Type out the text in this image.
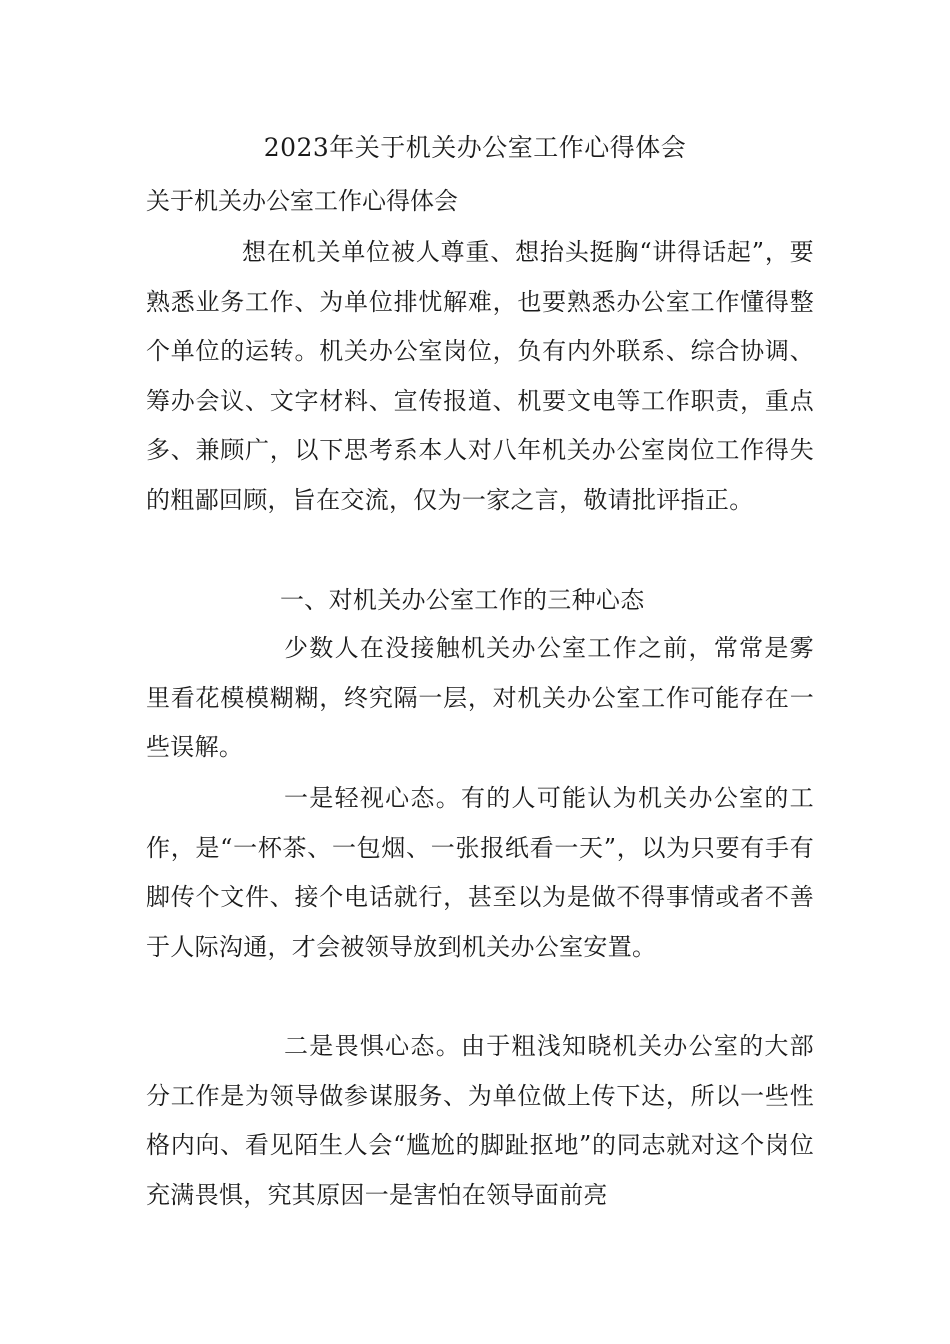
2023年关于机关办公室工作心得体会
关于机关办公室工作心得体会

想在机关单位被人尊重、想抬头挺胸“讲得话起”，要熟悉业务工作、为单位排忧解难，也要熟悉办公室工作懂得整个单位的运转。机关办公室岗位，负有内外联系、综合协调、筹办会议、文字材料、宣传报道、机要文电等工作职责，重点多、兼顾广，以下思考系本人对八年机关办公室岗位工作得失的粗鄙回顾，旨在交流，仅为一家之言，敬请批评指正。

一、对机关办公室工作的三种心态

少数人在没接触机关办公室工作之前，常常是雾里看花模模糊糊，终究隔一层，对机关办公室工作可能存在一些误解。

一是轻视心态。有的人可能认为机关办公室的工作，是“一杯茶、一包烟、一张报纸看一天”，以为只要有手有脚传个文件、接个电话就行，甚至以为是做不得事情或者不善于人际沟通，才会被领导放到机关办公室安置。

二是畏惧心态。由于粗浅知晓机关办公室的大部分工作是为领导做参谋服务、为单位做上传下达，所以一些性格内向、看见陌生人会“尴尬的脚趾抠地”的同志就对这个岗位充满畏惧，究其原因一是害怕在领导面前亮
